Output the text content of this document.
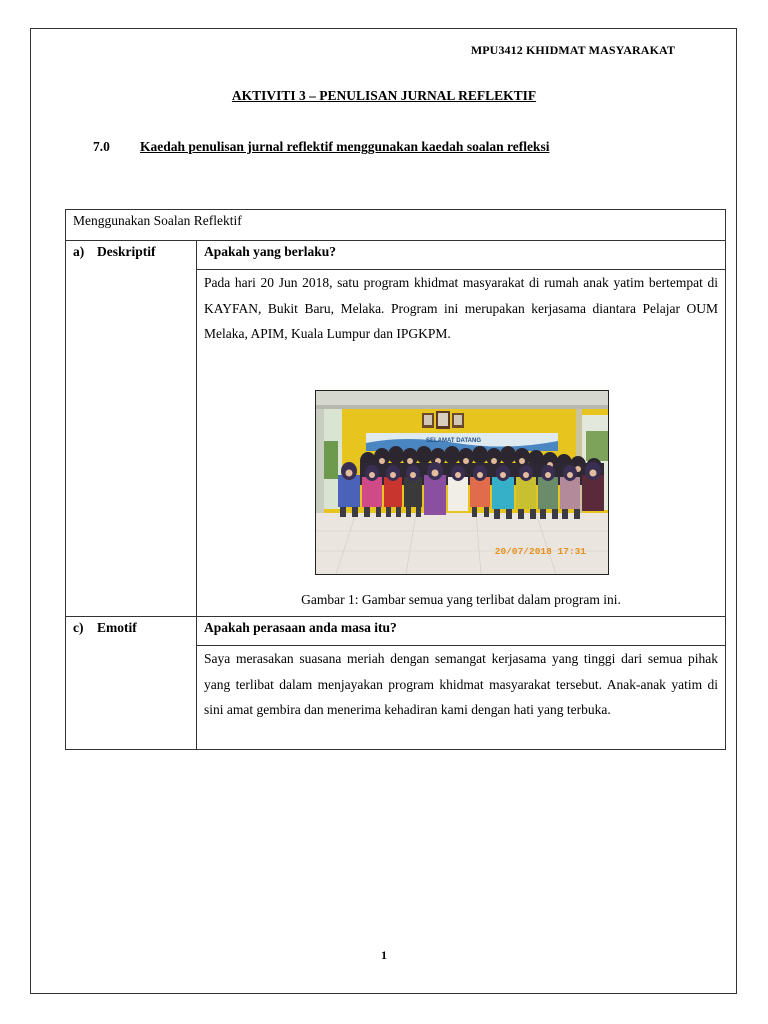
MPU3412 KHIDMAT MASYARAKAT
AKTIVITI 3 – PENULISAN JURNAL REFLEKTIF
7.0 Kaedah penulisan jurnal reflektif menggunakan kaedah soalan refleksi
Menggunakan Soalan Reflektif	
a) Deskriptif	Apakah yang berlaku?

	Pada hari 20 Jun 2018, satu program khidmat masyarakat di rumah anak yatim bertempat di KAYFAN, Bukit Baru, Melaka. Program ini merupakan kerjasama diantara Pelajar OUM Melaka, APIM, Kuala Lumpur dan IPGKPM.

20/07/2018 17:31
SELAMAT DATANG
Gambar 1: Gambar semua yang terlibat dalam program ini.

c) Emotif	Apakah perasaan anda masa itu?

	Saya merasakan suasana meriah dengan semangat kerjasama yang tinggi dari semua pihak yang terlibat dalam menjayakan program khidmat masyarakat tersebut. Anak-anak yatim di sini amat gembira dan menerima kehadiran kami dengan hati yang terbuka.

1
